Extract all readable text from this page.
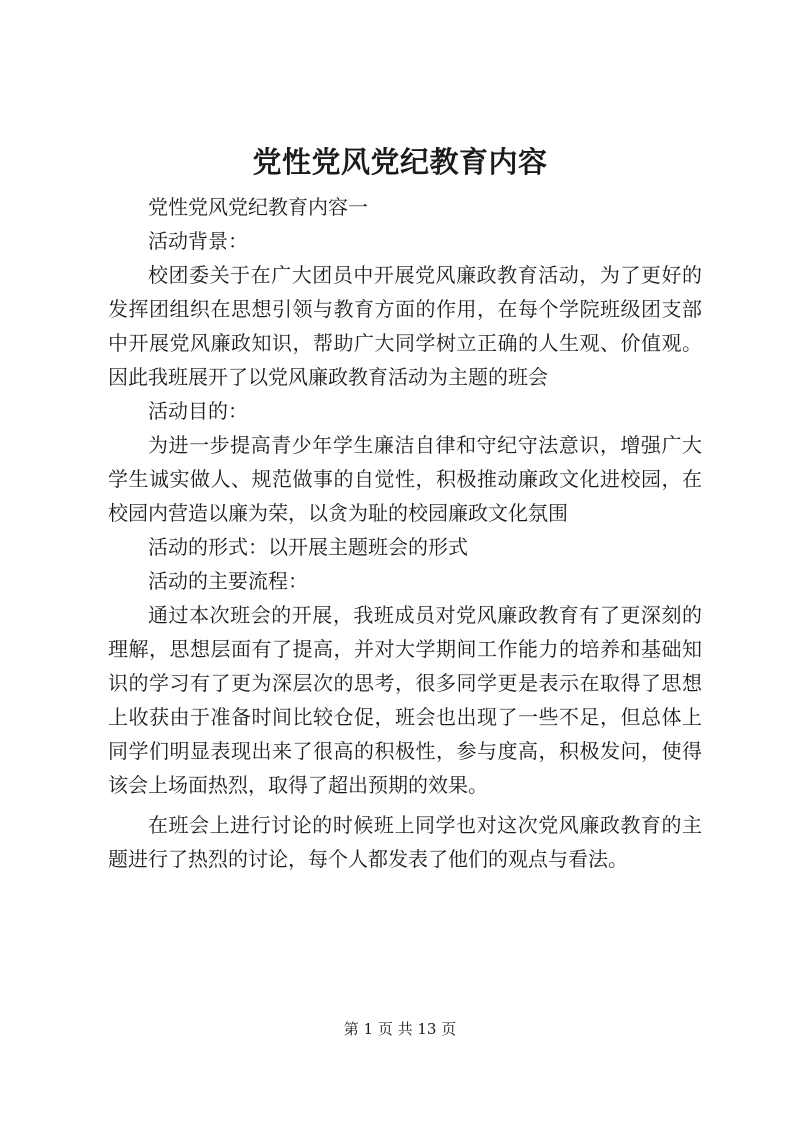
党性党风党纪教育内容

党性党风党纪教育内容一

活动背景：

校团委关于在广大团员中开展党风廉政教育活动，为了更好的发挥团组织在思想引领与教育方面的作用，在每个学院班级团支部中开展党风廉政知识，帮助广大同学树立正确的人生观、价值观。因此我班展开了以党风廉政教育活动为主题的班会

活动目的：

为进一步提高青少年学生廉洁自律和守纪守法意识，增强广大学生诚实做人、规范做事的自觉性，积极推动廉政文化进校园，在校园内营造以廉为荣，以贪为耻的校园廉政文化氛围

活动的形式：以开展主题班会的形式

活动的主要流程：

通过本次班会的开展，我班成员对党风廉政教育有了更深刻的理解，思想层面有了提高，并对大学期间工作能力的培养和基础知识的学习有了更为深层次的思考，很多同学更是表示在取得了思想上收获由于准备时间比较仓促，班会也出现了一些不足，但总体上同学们明显表现出来了很高的积极性，参与度高，积极发问，使得该会上场面热烈，取得了超出预期的效果。

在班会上进行讨论的时候班上同学也对这次党风廉政教育的主题进行了热烈的讨论，每个人都发表了他们的观点与看法。

第 1 页 共 13 页
